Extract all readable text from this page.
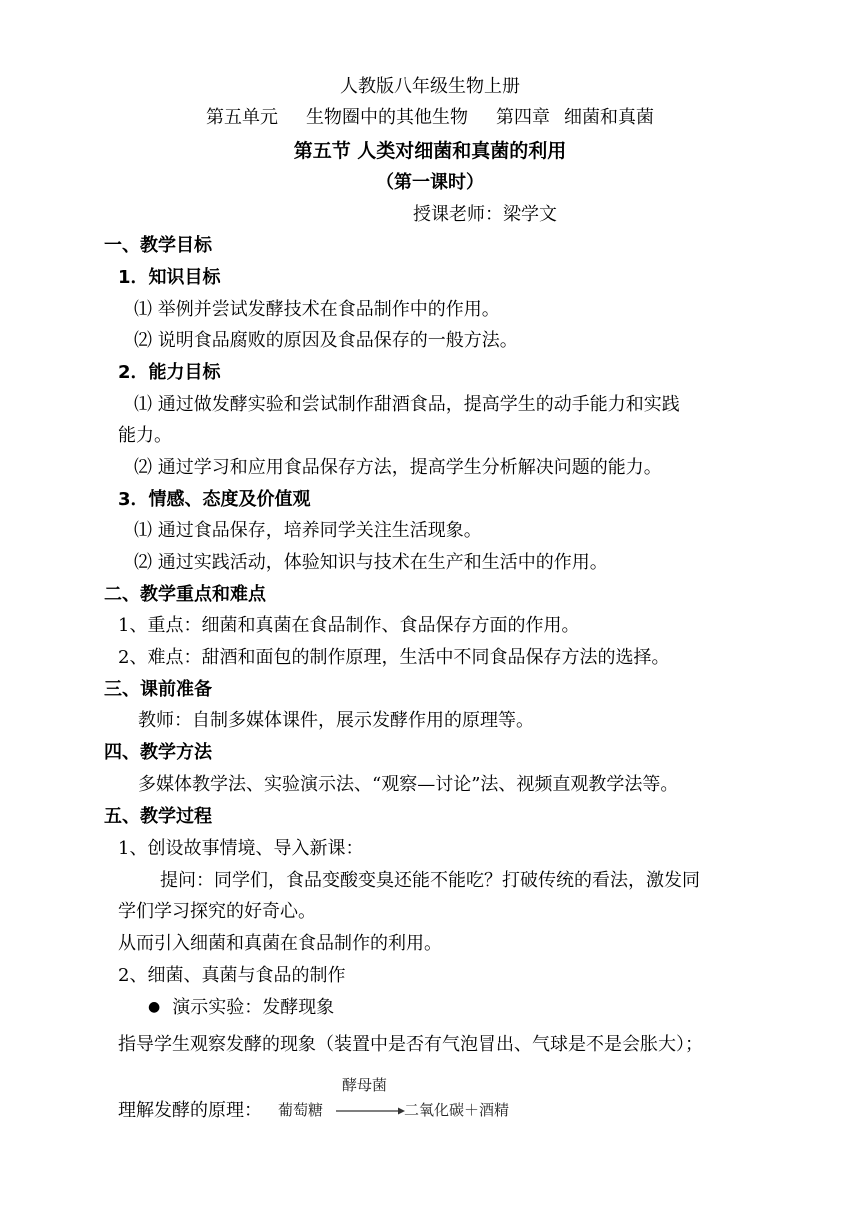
人教版八年级生物上册
第五单元 生物圈中的其他生物 第四章 细菌和真菌
第五节 人类对细菌和真菌的利用
（第一课时）
授课老师：梁学文
一、教学目标
1．知识目标
⑴ 举例并尝试发酵技术在食品制作中的作用。
⑵ 说明食品腐败的原因及食品保存的一般方法。
2．能力目标
⑴ 通过做发酵实验和尝试制作甜酒食品，提高学生的动手能力和实践
能力。
⑵ 通过学习和应用食品保存方法，提高学生分析解决问题的能力。
3．情感、态度及价值观
⑴ 通过食品保存，培养同学关注生活现象。
⑵ 通过实践活动，体验知识与技术在生产和生活中的作用。
二、教学重点和难点
1、重点：细菌和真菌在食品制作、食品保存方面的作用。
2、难点：甜酒和面包的制作原理，生活中不同食品保存方法的选择。
三、课前准备
教师：自制多媒体课件，展示发酵作用的原理等。
四、教学方法
多媒体教学法、实验演示法、“观察—讨论”法、视频直观教学法等。
五、教学过程
1、创设故事情境、导入新课：
提问：同学们，食品变酸变臭还能不能吃？打破传统的看法，激发同
学们学习探究的好奇心。
从而引入细菌和真菌在食品制作的利用。
2、细菌、真菌与食品的制作
● 演示实验：发酵现象
指导学生观察发酵的现象（装置中是否有气泡冒出、气球是不是会胀大）；
理解发酵的原理： 葡萄糖
酵母菌
二氧化碳＋酒精
